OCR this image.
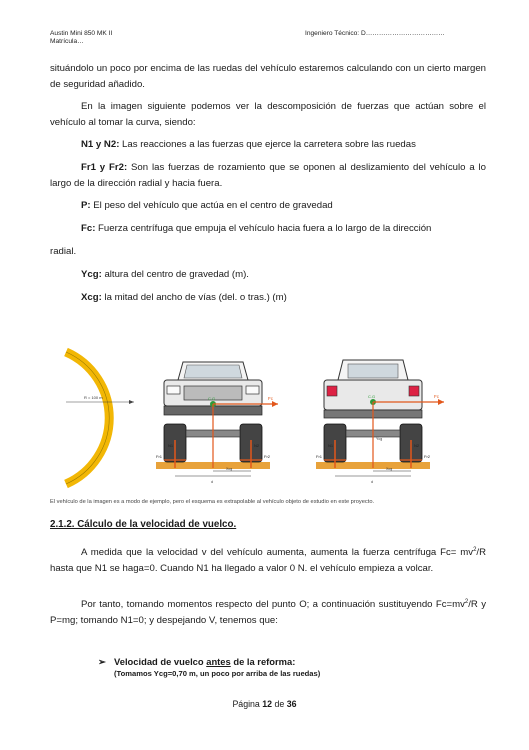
Austin Mini 850 MK II
Matrícula…
Ingeniero Técnico: D………………………………
situándolo un poco por encima de las ruedas del vehículo estaremos calculando con un cierto margen de seguridad añadido.
En la imagen siguiente podemos ver la descomposición de fuerzas que actúan sobre el vehículo al tomar la curva, siendo:
N1 y N2: Las reacciones a las fuerzas que ejerce la carretera sobre las ruedas
Fr1 y Fr2: Son las fuerzas de rozamiento que se oponen al deslizamiento del vehículo a lo largo de la dirección radial y hacia fuera.
P: El peso del vehículo que actúa en el centro de gravedad
Fc: Fuerza centrífuga que empuja el vehículo hacia fuera a lo largo de la dirección
radial.
Ycg: altura del centro de gravedad (m).
Xcg: la mitad del ancho de vías (del. o tras.) (m)
R = 100 m	C.G	Fc
Fr1	Fr2
N1	N2
Xcg
d
C.G	Fc
Fr1	Fr2
N1	N2
Ycg
Xcg
d
El vehículo de la imagen es a modo de ejemplo, pero el esquema es extrapolable al vehículo objeto de estudio en este proyecto.
2.1.2. Cálculo de la velocidad de vuelco.
A medida que la velocidad v del vehículo aumenta, aumenta la fuerza centrífuga $Fc= mv^2/R$ hasta que N1 se haga=0. Cuando N1 ha llegado a valor 0 N. el vehículo empieza a volcar.
Por tanto, tomando momentos respecto del punto O; a continuación sustituyendo $Fc=mv^2/R$ y P=mg; tomando N1=0; y despejando V, tenemos que:
➢ Velocidad de vuelco antes de la reforma:
(Tomamos Ycg=0,70 m, un poco por arriba de las ruedas)
Página 12 de 36
